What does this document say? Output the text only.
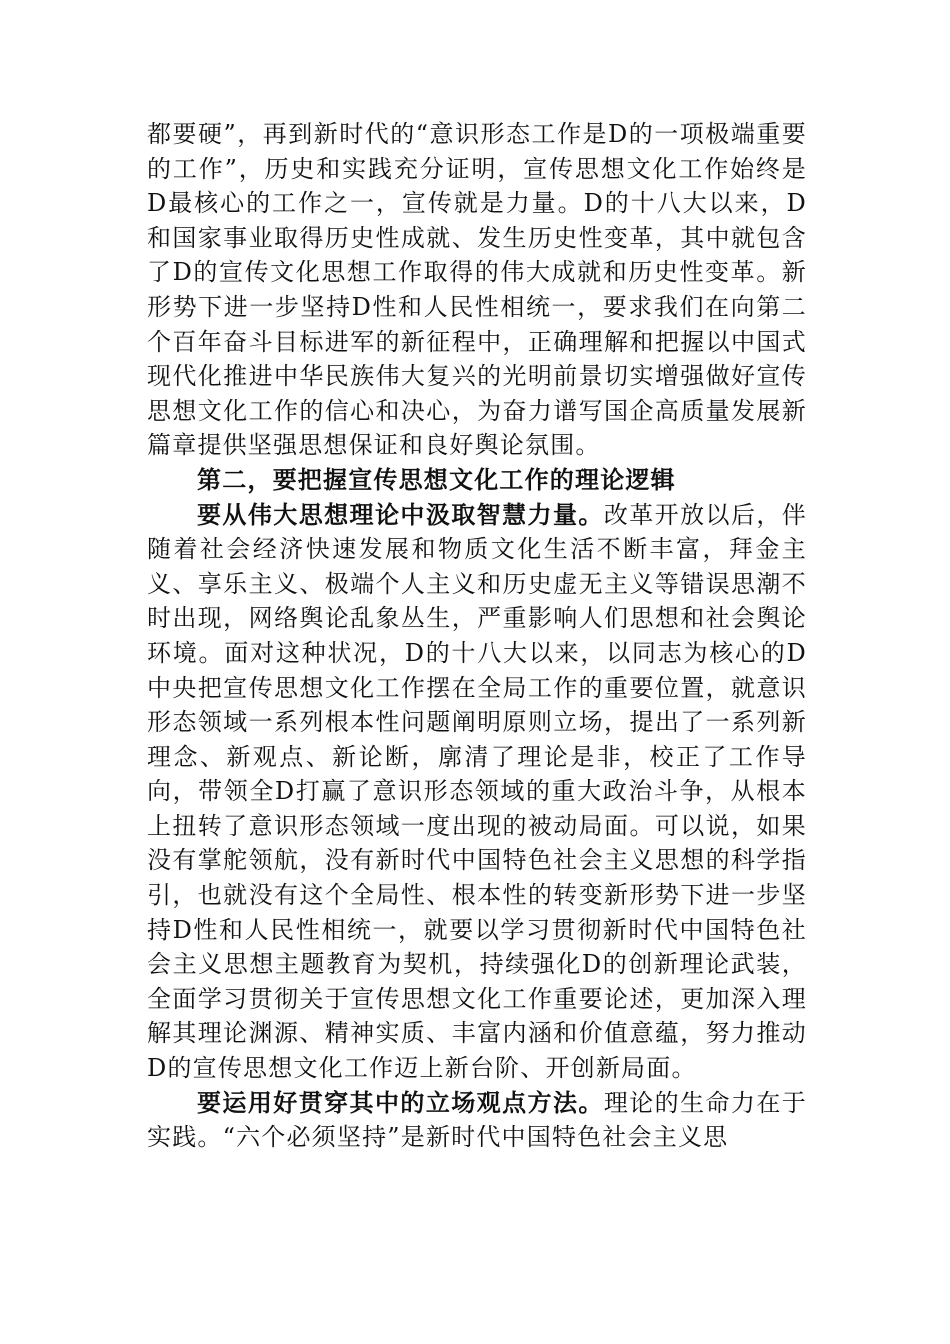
都要硬”，再到新时代的“意识形态工作是D的一项极端重要的工作”，历史和实践充分证明，宣传思想文化工作始终是D最核心的工作之一，宣传就是力量。D的十八大以来，D和国家事业取得历史性成就、发生历史性变革，其中就包含了D的宣传文化思想工作取得的伟大成就和历史性变革。新形势下进一步坚持D性和人民性相统一，要求我们在向第二个百年奋斗目标进军的新征程中，正确理解和把握以中国式现代化推进中华民族伟大复兴的光明前景切实增强做好宣传思想文化工作的信心和决心，为奋力谱写国企高质量发展新篇章提供坚强思想保证和良好舆论氛围。

第二，要把握宣传思想文化工作的理论逻辑

要从伟大思想理论中汲取智慧力量。改革开放以后，伴随着社会经济快速发展和物质文化生活不断丰富，拜金主义、享乐主义、极端个人主义和历史虚无主义等错误思潮不时出现，网络舆论乱象丛生，严重影响人们思想和社会舆论环境。面对这种状况，D的十八大以来，以同志为核心的D中央把宣传思想文化工作摆在全局工作的重要位置，就意识形态领域一系列根本性问题阐明原则立场，提出了一系列新理念、新观点、新论断，廓清了理论是非，校正了工作导向，带领全D打赢了意识形态领域的重大政治斗争，从根本上扭转了意识形态领域一度出现的被动局面。可以说，如果没有掌舵领航，没有新时代中国特色社会主义思想的科学指引，也就没有这个全局性、根本性的转变新形势下进一步坚持D性和人民性相统一，就要以学习贯彻新时代中国特色社会主义思想主题教育为契机，持续强化D的创新理论武装，全面学习贯彻关于宣传思想文化工作重要论述，更加深入理解其理论渊源、精神实质、丰富内涵和价值意蕴，努力推动D的宣传思想文化工作迈上新台阶、开创新局面。

要运用好贯穿其中的立场观点方法。理论的生命力在于实践。“六个必须坚持”是新时代中国特色社会主义思
